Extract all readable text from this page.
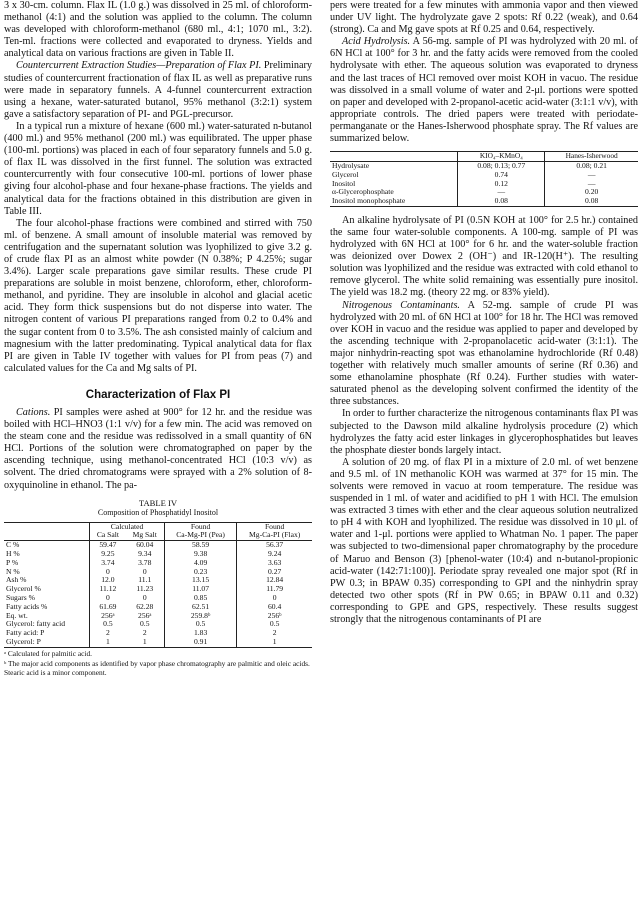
3 x 30-cm. column. Flax IL (1.0 g.) was dissolved in 25 ml. of chloroform-methanol (4:1) and the solution was applied to the column. The column was developed with chloroform-methanol (680 ml., 4:1; 1070 ml., 3:2). Ten-ml. fractions were collected and evaporated to dryness. Yields and analytical data on various fractions are given in Table II.

Countercurrent Extraction Studies—Preparation of Flax PI. Preliminary studies of countercurrent fractionation of flax IL as well as preparative runs were made in separatory funnels. A 4-funnel countercurrent extraction using a hexane, water-saturated butanol, 95% methanol (3:2:1) system gave a satisfactory separation of PI- and PGL-precursor.

In a typical run a mixture of hexane (600 ml.) water-saturated n-butanol (400 ml.) and 95% methanol (200 ml.) was equilibrated. The upper phase (100-ml. portions) was placed in each of four separatory funnels and 5.0 g. of flax IL was dissolved in the first funnel. The solution was extracted countercurrently with four consecutive 100-ml. portions of lower phase giving four alcohol-phase and four hexane-phase fractions. The yields and analytical data for the fractions obtained in this distribution are given in Table III.

The four alcohol-phase fractions were combined and stirred with 750 ml. of benzene. A small amount of insoluble material was removed by centrifugation and the supernatant solution was lyophilized to give 3.2 g. of crude flax PI as an almost white powder (N 0.38%; P 4.25%; sugar 3.4%). Larger scale preparations gave similar results. These crude PI preparations are soluble in moist benzene, chloroform, ether, chloroform-methanol, and pyridine. They are insoluble in alcohol and glacial acetic acid. They form thick suspensions but do not disperse into water. The nitrogen content of various PI preparations ranged from 0.2 to 0.4% and the sugar content from 0 to 3.5%. The ash consisted mainly of calcium and magnesium with the latter predominating. Typical analytical data for flax PI are given in Table IV together with values for PI from peas (7) and calculated values for the Ca and Mg salts of PI.

Characterization of Flax PI

Cations. PI samples were ashed at 900° for 12 hr. and the residue was boiled with HCl–HNO3 (1:1 v/v) for a few min. The acid was removed on the steam cone and the residue was redissolved in a small quantity of 6N HCl. Portions of the solution were chromatographed on paper by the ascending technique, using methanol-concentrated HCl (10:3 v/v) as solvent. The dried chromatograms were sprayed with a 2% solution of 8-oxyquinoline in ethanol. The pa-

TABLE IV
Composition of Phosphatidyl Inositol
	Calculated		Found	Found
	Ca Salt	Mg Salt	Ca-Mg-PI (Pea)	Mg-Ca-PI (Flax)
C %	59.47	60.04	58.59	56.37
H %	9.25	9.34	9.38	9.24
P %	3.74	3.78	4.09	3.63
N %	0	0	0.23	0.27
Ash %	12.0	11.1	13.15	12.84
Glycerol %	11.12	11.23	11.07	11.79
Sugars %	0	0	0.85	0
Fatty acids %	61.69	62.28	62.51	60.4
Eq. wt.	256ᵃ	256ᵃ	259.8ᵇ	256ᵇ
Glycerol: fatty acid	0.5	0.5	0.5	0.5
Fatty acid: P	2	2	1.83	2
Glycerol: P	1	1	0.91	1
ᵃ Calculated for palmitic acid.
ᵇ The major acid components as identified by vapor phase chromatography are palmitic and oleic acids. Stearic acid is a minor component.

pers were treated for a few minutes with ammonia vapor and then viewed under UV light. The hydrolyzate gave 2 spots: Rf 0.22 (weak), and 0.64 (strong). Ca and Mg gave spots at Rf 0.25 and 0.64, respectively.

Acid Hydrolysis. A 56-mg. sample of PI was hydrolyzed with 20 ml. of 6N HCl at 100° for 3 hr. and the fatty acids were removed from the cooled hydrolysate with ether. The aqueous solution was evaporated to dryness and the last traces of HCl removed over moist KOH in vacuo. The residue was dissolved in a small volume of water and 2-μl. portions were spotted on paper and developed with 2-propanol-acetic acid-water (3:1:1 v/v), with appropriate controls. The dried papers were treated with periodate-permanganate or the Hanes-Isherwood phosphate spray. The Rf values are summarized below.

	KIO₄–KMnO₄	Hanes-Isherwood
Hydrolysate	0.08; 0.13; 0.77	0.08; 0.21
Glycerol	0.74	—
Inositol	0.12	—
α-Glycerophosphate	—	0.20
Inositol monophosphate	0.08	0.08

An alkaline hydrolysate of PI (0.5N KOH at 100° for 2.5 hr.) contained the same four water-soluble components. A 100-mg. sample of PI was hydrolyzed with 6N HCl at 100° for 6 hr. and the water-soluble fraction was deionized over Dowex 2 (OH⁻) and IR-120(H⁺). The resulting solution was lyophilized and the residue was extracted with cold ethanol to remove glycerol. The white solid remaining was essentially pure inositol. The yield was 18.2 mg. (theory 22 mg. or 83% yield).

Nitrogenous Contaminants. A 52-mg. sample of crude PI was hydrolyzed with 20 ml. of 6N HCl at 100° for 18 hr. The HCl was removed over KOH in vacuo and the residue was applied to paper and developed by the ascending technique with 2-propanolacetic acid-water (3:1:1). The major ninhydrin-reacting spot was ethanolamine hydrochloride (Rf 0.48) together with relatively much smaller amounts of serine (Rf 0.36) and some ethanolamine phosphate (Rf 0.24). Further studies with water-saturated phenol as the developing solvent confirmed the identity of the three substances.

In order to further characterize the nitrogenous contaminants flax PI was subjected to the Dawson mild alkaline hydrolysis procedure (2) which hydrolyzes the fatty acid ester linkages in glycerophosphatides but leaves the phosphate diester bonds largely intact.

A solution of 20 mg. of flax PI in a mixture of 2.0 ml. of wet benzene and 9.5 ml. of 1N methanolic KOH was warmed at 37° for 15 min. The solvents were removed in vacuo at room temperature. The residue was suspended in 1 ml. of water and acidified to pH 1 with HCl. The emulsion was extracted 3 times with ether and the clear aqueous solution neutralized to pH 4 with KOH and lyophilized. The residue was dissolved in 10 μl. of water and 1-μl. portions were applied to Whatman No. 1 paper. The paper was subjected to two-dimensional paper chromatography by the procedure of Maruo and Benson (3) [phenol-water (10:4) and n-butanol-propionic acid-water (142:71:100)]. Periodate spray revealed one major spot (Rf in PW 0.3; in BPAW 0.35) corresponding to GPI and the ninhydrin spray detected two other spots (Rf in PW 0.65; in BPAW 0.11 and 0.32) corresponding to GPE and GPS, respectively. These results suggest strongly that the nitrogenous contaminants of PI are
